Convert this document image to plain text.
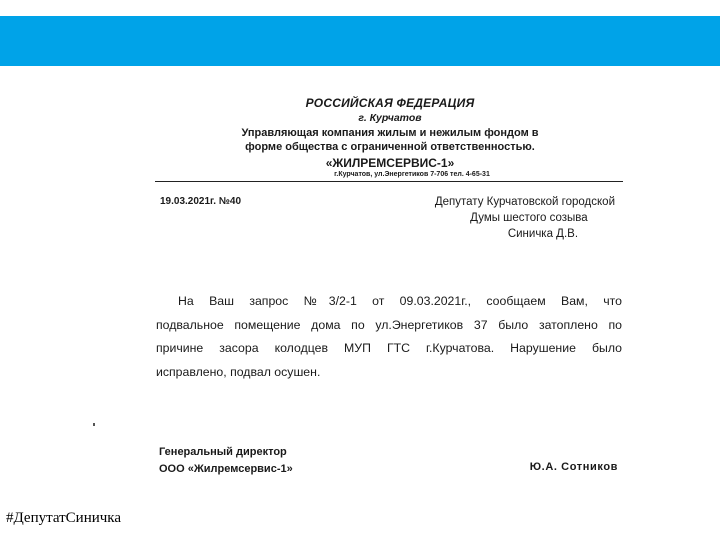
РОССИЙСКАЯ ФЕДЕРАЦИЯ
г. Курчатов
Управляющая компания жилым и нежилым фондом в
форме общества с ограниченной ответственностью.
«ЖИЛРЕМСЕРВИС-1»
г.Курчатов, ул.Энергетиков 7-706 тел. 4-65-31
19.03.2021г. №40	Депутату Курчатовской городской
Думы шестого созыва
Синичка Д.В.
На Ваш запрос №3/2-1 от 09.03.2021г., сообщаем Вам, что
подвальное помещение дома по ул.Энергетиков 37 было затоплено по
причине засора колодцев МУП ГТС г.Курчатова. Нарушение было
исправлено, подвал осушен.
Генеральный директор
ООО «Жилремсервис-1»	Ю.А. Сотников
#ДепутатСиничка
